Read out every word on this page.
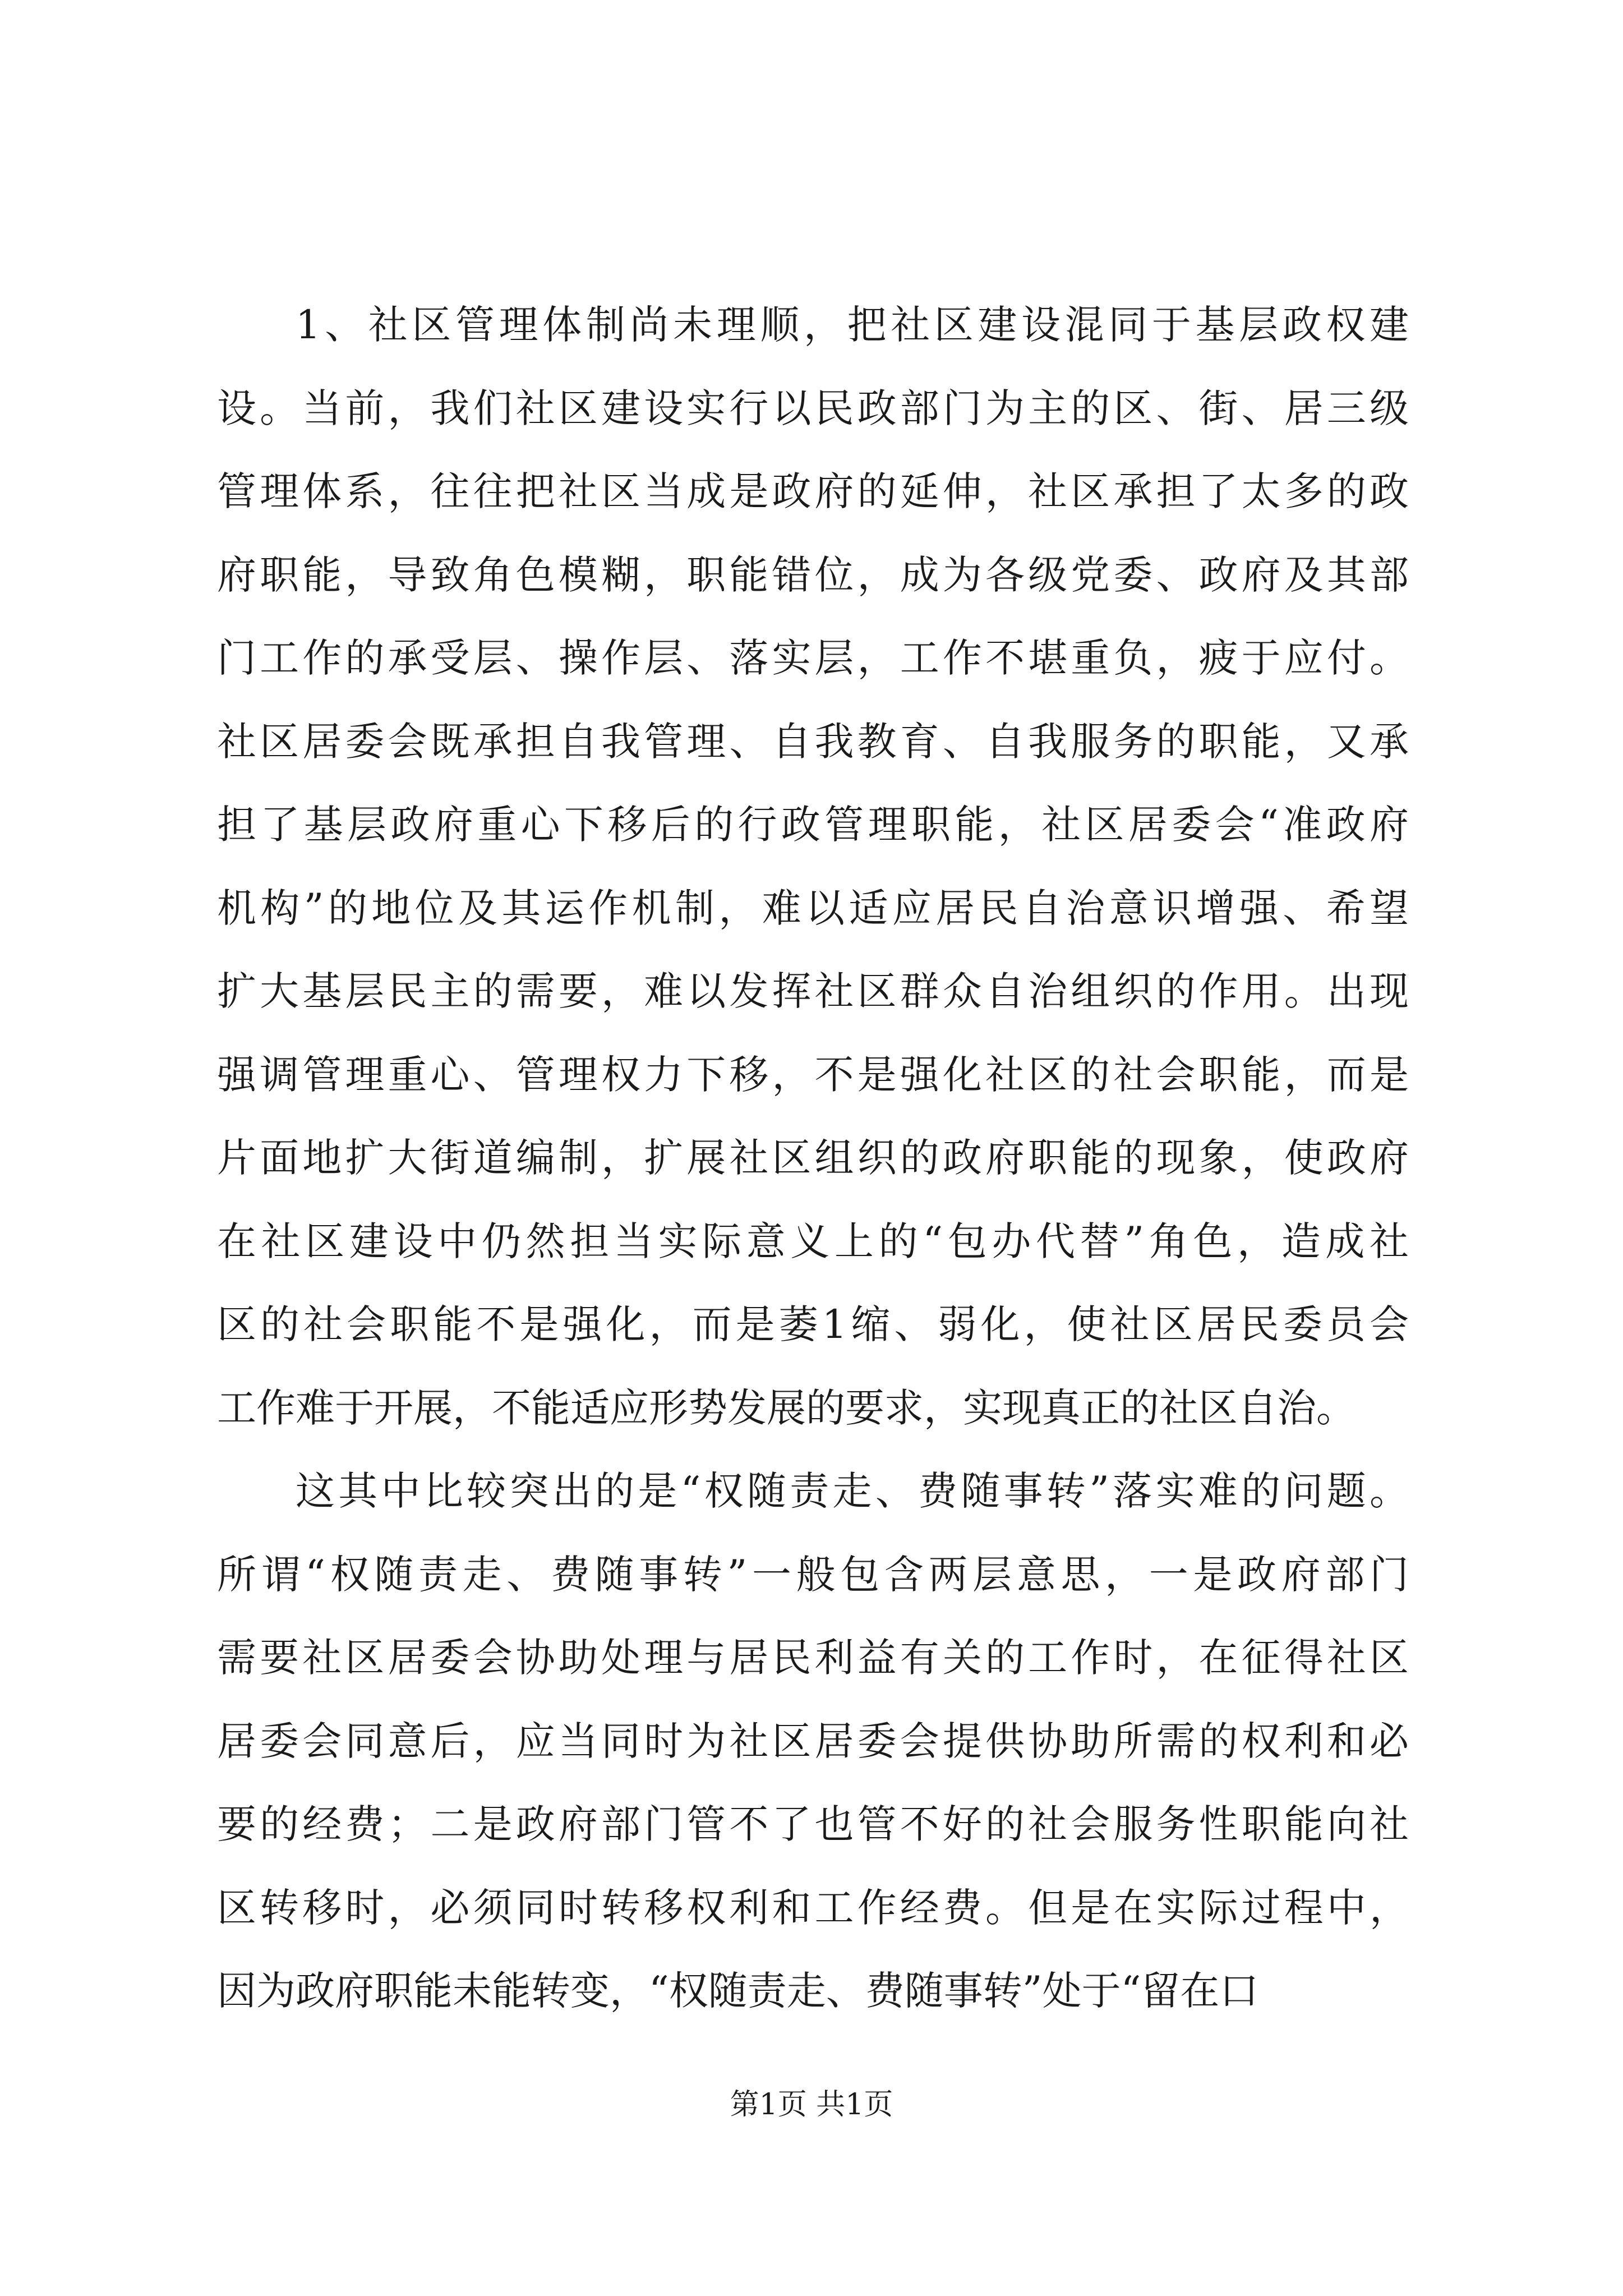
1、社区管理体制尚未理顺，把社区建设混同于基层政权建
设。当前，我们社区建设实行以民政部门为主的区、街、居三级
管理体系，往往把社区当成是政府的延伸，社区承担了太多的政
府职能，导致角色模糊，职能错位，成为各级党委、政府及其部
门工作的承受层、操作层、落实层，工作不堪重负，疲于应付。
社区居委会既承担自我管理、自我教育、自我服务的职能，又承
担了基层政府重心下移后的行政管理职能，社区居委会“准政府
机构”的地位及其运作机制，难以适应居民自治意识增强、希望
扩大基层民主的需要，难以发挥社区群众自治组织的作用。出现
强调管理重心、管理权力下移，不是强化社区的社会职能，而是
片面地扩大街道编制，扩展社区组织的政府职能的现象，使政府
在社区建设中仍然担当实际意义上的“包办代替”角色，造成社
区的社会职能不是强化，而是萎1缩、弱化，使社区居民委员会
工作难于开展，不能适应形势发展的要求，实现真正的社区自治。
这其中比较突出的是“权随责走、费随事转”落实难的问题。
所谓“权随责走、费随事转”一般包含两层意思，一是政府部门
需要社区居委会协助处理与居民利益有关的工作时，在征得社区
居委会同意后，应当同时为社区居委会提供协助所需的权利和必
要的经费；二是政府部门管不了也管不好的社会服务性职能向社
区转移时，必须同时转移权利和工作经费。但是在实际过程中，
因为政府职能未能转变，“权随责走、费随事转”处于“留在口
第1页 共1页
